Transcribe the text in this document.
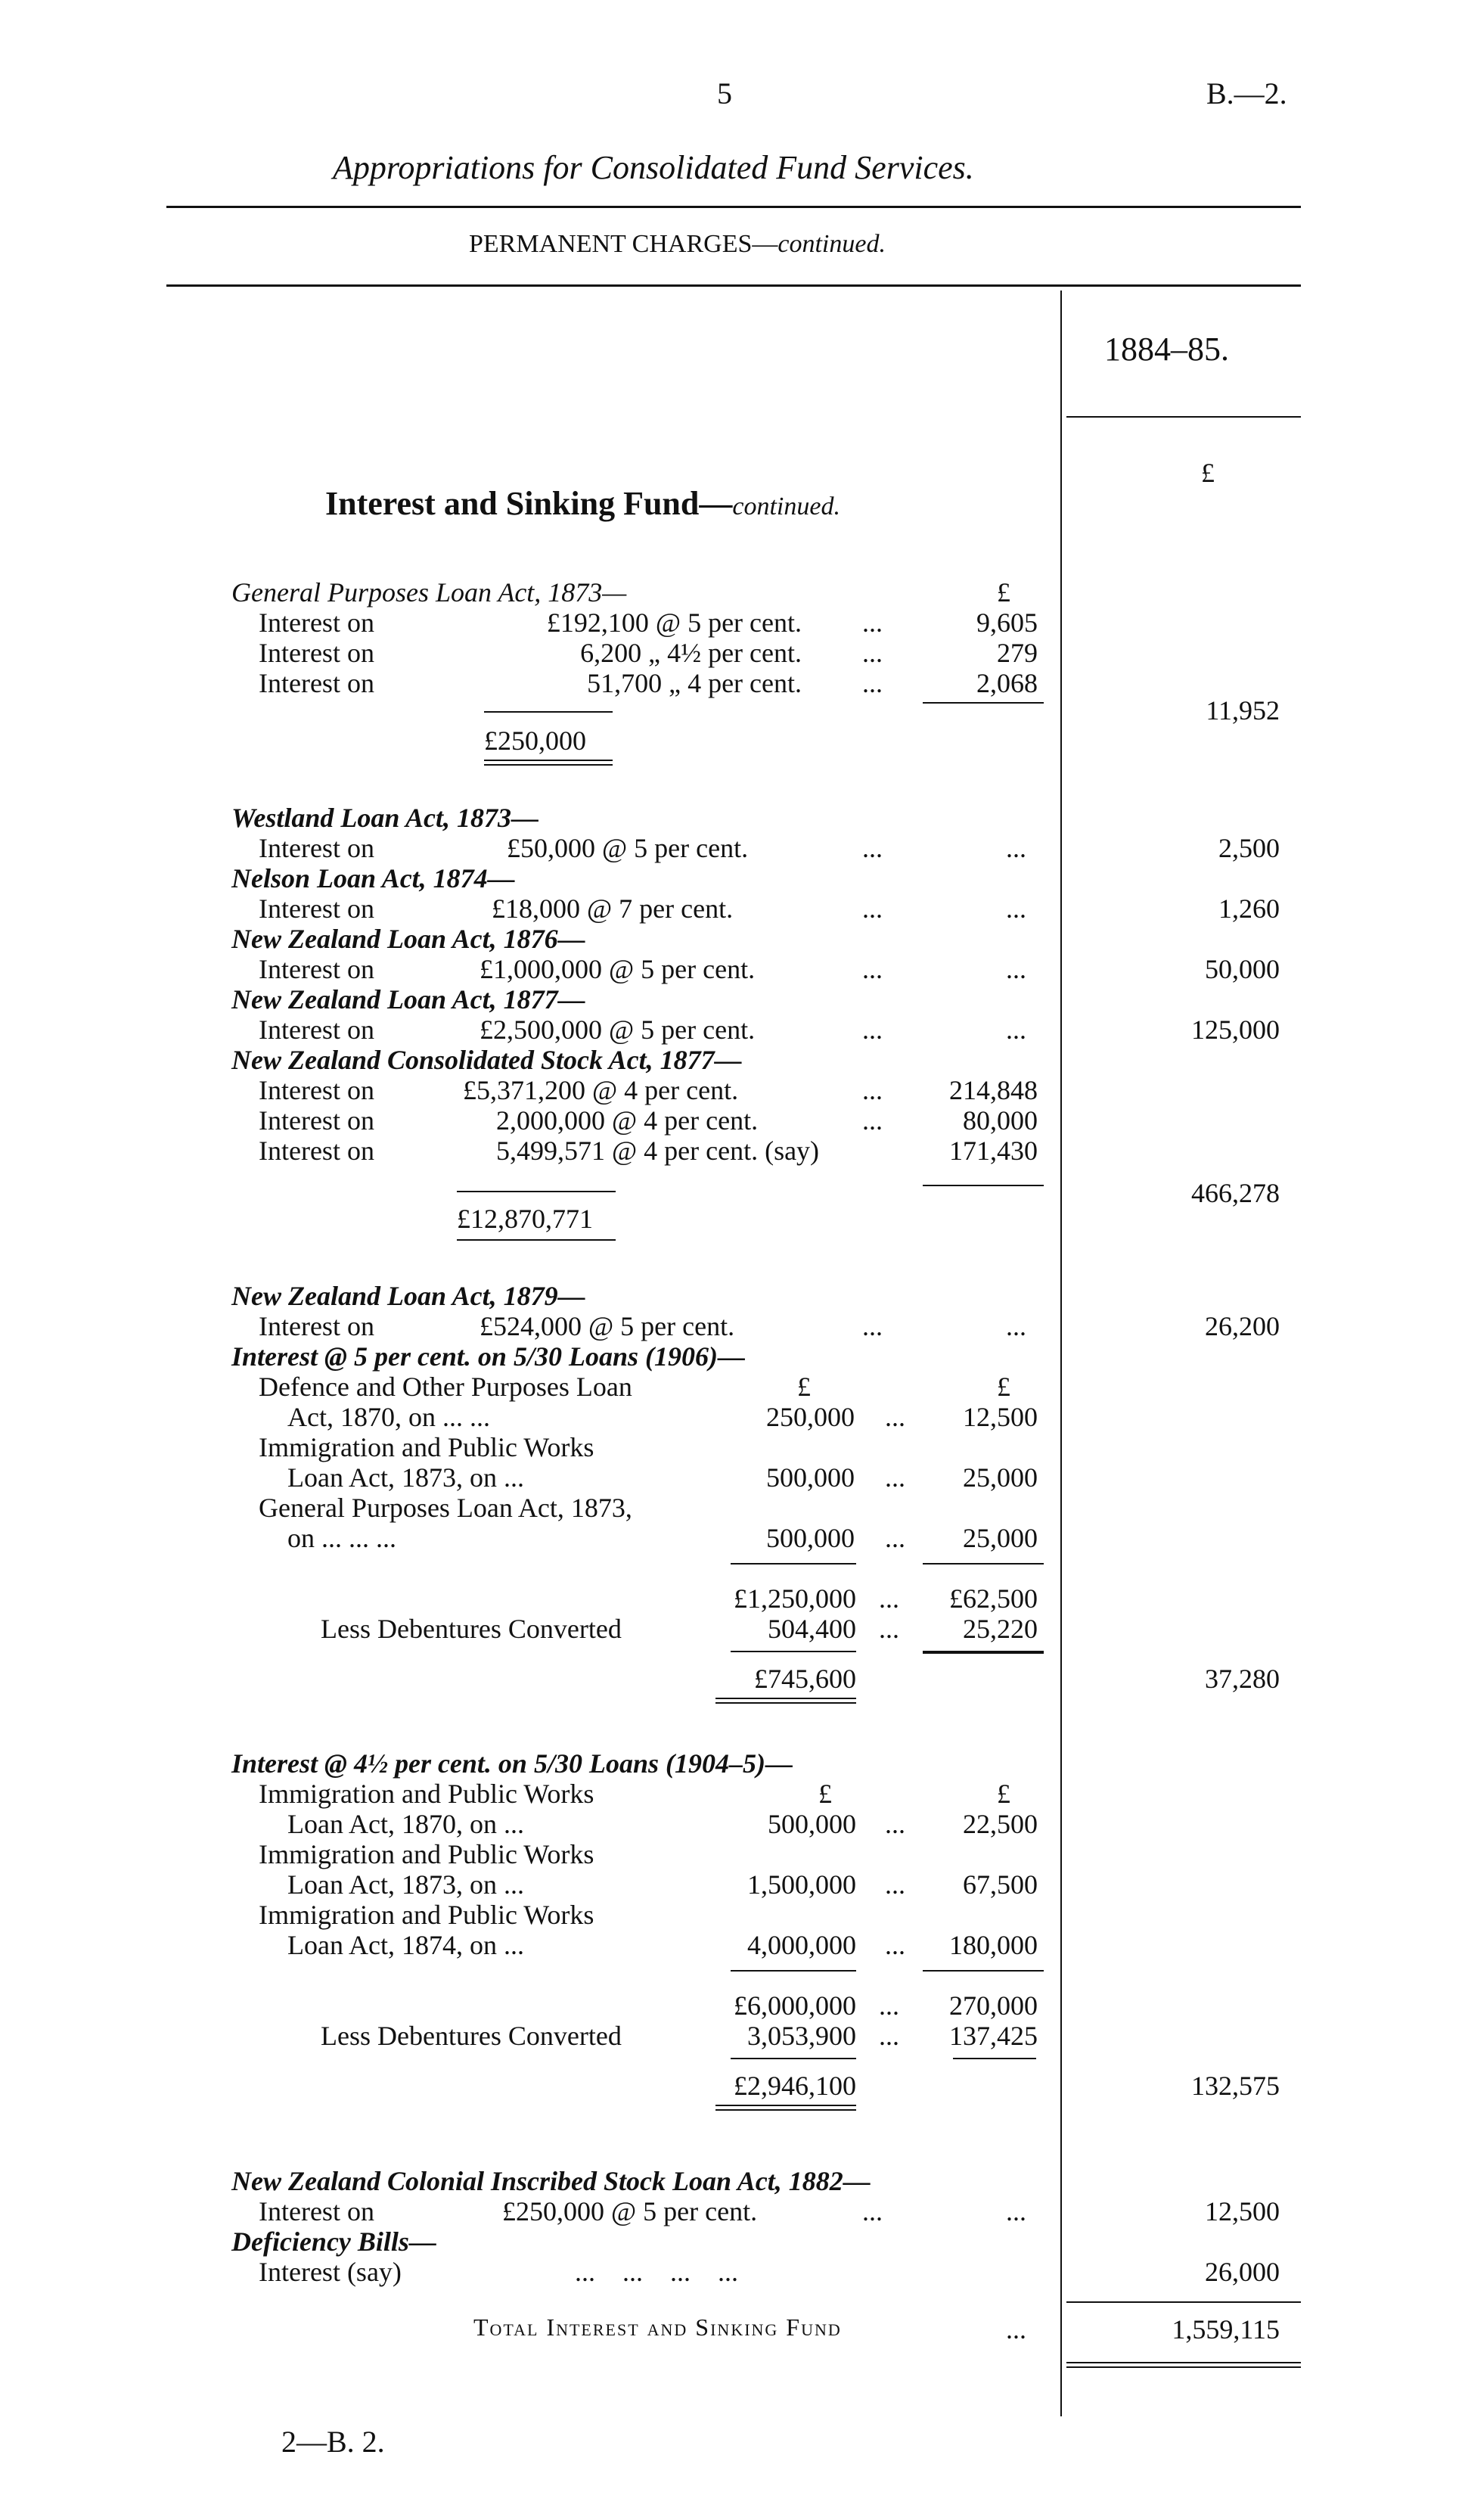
5	B.—2.
Appropriations for Consolidated Fund Services.
PERMANENT CHARGES—continued.
1884–85.
£
Interest and Sinking Fund—continued.
General Purposes Loan Act, 1873—	£
Interest on	£192,100 @ 5 per cent. ...	9,605
Interest on	6,200 „ 4½ per cent. ...	279
Interest on	51,700 „ 4 per cent. ...	2,068
£250,000
11,952
Westland Loan Act, 1873—
Interest on	£50,000 @ 5 per cent.	...	...	2,500
Nelson Loan Act, 1874—
Interest on	£18,000 @ 7 per cent.	...	...	1,260
New Zealand Loan Act, 1876—
Interest on	£1,000,000 @ 5 per cent.	...	...	50,000
New Zealand Loan Act, 1877—
Interest on	£2,500,000 @ 5 per cent.	...	...	125,000
New Zealand Consolidated Stock Act, 1877—
Interest on	£5,371,200 @ 4 per cent.	...	214,848
Interest on	2,000,000 @ 4 per cent.	...	80,000
Interest on	5,499,571 @ 4 per cent. (say)	171,430
£12,870,771
466,278
New Zealand Loan Act, 1879—
Interest on	£524,000 @ 5 per cent.	...	...	26,200
Interest @ 5 per cent. on 5/30 Loans (1906)—
£	£
Defence and Other Purposes Loan
Act, 1870, on ... ...	250,000 ...	12,500
Immigration and Public Works
Loan Act, 1873, on ...	500,000 ...	25,000
General Purposes Loan Act, 1873,
on ... ... ...	500,000 ...	25,000
£1,250,000 ...	£62,500
Less Debentures Converted	504,400 ...	25,220
£745,600	37,280
Interest @ 4½ per cent. on 5/30 Loans (1904–5)—
£	£
Immigration and Public Works
Loan Act, 1870, on ...	500,000 ...	22,500
Immigration and Public Works
Loan Act, 1873, on ...	1,500,000 ...	67,500
Immigration and Public Works
Loan Act, 1874, on ...	4,000,000 ...	180,000
£6,000,000 ...	270,000
Less Debentures Converted	3,053,900 ...	137,425
£2,946,100	132,575
New Zealand Colonial Inscribed Stock Loan Act, 1882—
Interest on	£250,000 @ 5 per cent.	...	...	12,500
Deficiency Bills—
Interest (say)	...    ...    ...    ...	26,000
Total Interest and Sinking Fund	...	1,559,115
2—B. 2.
